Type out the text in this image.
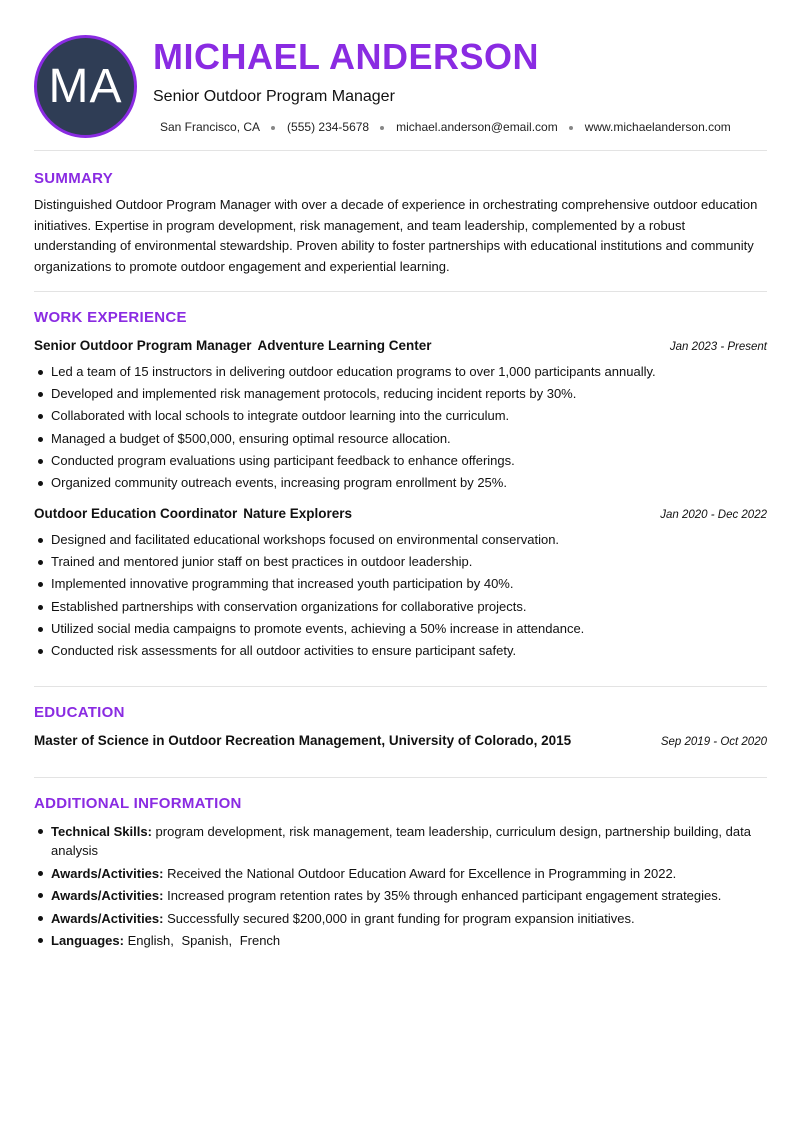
MA
MICHAEL ANDERSON
Senior Outdoor Program Manager
San Francisco, CA (555) 234-5678 michael.anderson@email.com www.michaelanderson.com
SUMMARY
Distinguished Outdoor Program Manager with over a decade of experience in orchestrating comprehensive outdoor education initiatives. Expertise in program development, risk management, and team leadership, complemented by a robust understanding of environmental stewardship. Proven ability to foster partnerships with educational institutions and community organizations to promote outdoor engagement and experiential learning.
WORK EXPERIENCE
Senior Outdoor Program Manager Adventure Learning Center	Jan 2023 - Present
Led a team of 15 instructors in delivering outdoor education programs to over 1,000 participants annually.
Developed and implemented risk management protocols, reducing incident reports by 30%.
Collaborated with local schools to integrate outdoor learning into the curriculum.
Managed a budget of $500,000, ensuring optimal resource allocation.
Conducted program evaluations using participant feedback to enhance offerings.
Organized community outreach events, increasing program enrollment by 25%.
Outdoor Education Coordinator Nature Explorers	Jan 2020 - Dec 2022
Designed and facilitated educational workshops focused on environmental conservation.
Trained and mentored junior staff on best practices in outdoor leadership.
Implemented innovative programming that increased youth participation by 40%.
Established partnerships with conservation organizations for collaborative projects.
Utilized social media campaigns to promote events, achieving a 50% increase in attendance.
Conducted risk assessments for all outdoor activities to ensure participant safety.
EDUCATION
Master of Science in Outdoor Recreation Management, University of Colorado, 2015	Sep 2019 - Oct 2020
ADDITIONAL INFORMATION
Technical Skills: program development, risk management, team leadership, curriculum design, partnership building, data analysis
Awards/Activities: Received the National Outdoor Education Award for Excellence in Programming in 2022.
Awards/Activities: Increased program retention rates by 35% through enhanced participant engagement strategies.
Awards/Activities: Successfully secured $200,000 in grant funding for program expansion initiatives.
Languages: English, Spanish, French
